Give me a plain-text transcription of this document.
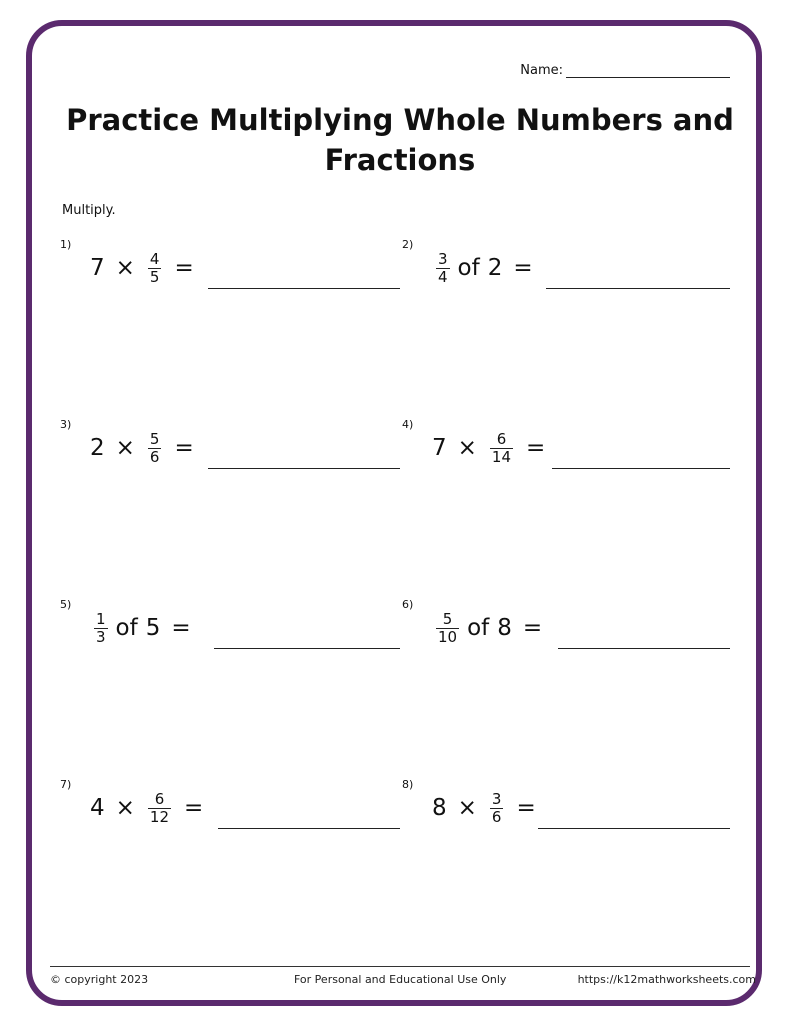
Name:
Practice Multiplying Whole Numbers and
Fractions
Multiply.
1)
$7 \times \frac{4}{5}$ =
2)
$\frac{3}{4}$ of 2 =
3)
$2 \times \frac{5}{6}$ =
4)
$7 \times \frac{6}{14}$ =
5)
$\frac{1}{3}$ of 5 =
6)
$\frac{5}{10}$ of 8 =
7)
$4 \times \frac{6}{12}$ =
8)
$8 \times \frac{3}{6}$ =
© copyright 2023	For Personal and Educational Use Only	https://k12mathworksheets.com
